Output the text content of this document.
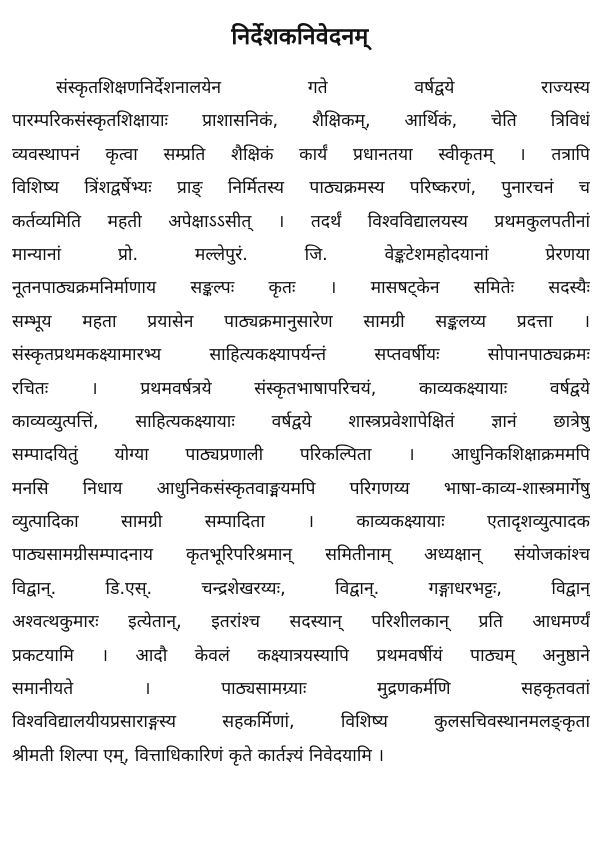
निर्देशकनिवेदनम्
संस्कृतशिक्षणनिर्देशनालयेन गते वर्षद्वये राज्यस्य
पारम्परिकसंस्कृतशिक्षायाः प्राशासनिकं, शैक्षिकम्, आर्थिकं, चेति त्रिविधं
व्यवस्थापनं कृत्वा सम्प्रति शैक्षिकं कार्यं प्रधानतया स्वीकृतम् । तत्रापि
विशिष्य त्रिंशद्वर्षेभ्यः प्राङ् निर्मितस्य पाठ्यक्रमस्य परिष्करणं, पुनारचनं च
कर्तव्यमिति महती अपेक्षाऽऽसीत् । तदर्थं विश्वविद्यालयस्य प्रथमकुलपतीनां
मान्यानां प्रो. मल्लेपुरं. जि. वेङ्कटेशमहोदयानां प्रेरणया
नूतनपाठ्यक्रमनिर्माणाय सङ्कल्पः कृतः । मासषट्केन समितेः सदस्यैः
सम्भूय महता प्रयासेन पाठ्यक्रमानुसारेण सामग्री सङ्कलय्य प्रदत्ता ।
संस्कृतप्रथमकक्ष्यामारभ्य साहित्यकक्ष्यापर्यन्तं सप्तवर्षीयः सोपानपाठ्यक्रमः
रचितः । प्रथमवर्षत्रये संस्कृतभाषापरिचयं, काव्यकक्ष्यायाः वर्षद्वये
काव्यव्युत्पत्तिं, साहित्यकक्ष्यायाः वर्षद्वये शास्त्रप्रवेशापेक्षितं ज्ञानं छात्रेषु
सम्पादयितुं योग्या पाठ्यप्रणाली परिकल्पिता । आधुनिकशिक्षाक्रममपि
मनसि निधाय आधुनिकसंस्कृतवाङ्मयमपि परिगणय्य भाषा-काव्य-शास्त्रमार्गेषु
व्युत्पादिका सामग्री सम्पादिता । काव्यकक्ष्यायाः एतादृशव्युत्पादक
पाठ्यसामग्रीसम्पादनाय कृतभूरिपरिश्रमान् समितीनाम् अध्यक्षान् संयोजकांश्च
विद्वान्. डि.एस्. चन्द्रशेखरय्यः, विद्वान्. गङ्गाधरभट्टः, विद्वान्
अश्वत्थकुमारः इत्येतान्, इतरांश्च सदस्यान् परिशीलकान् प्रति आधमर्ण्यं
प्रकटयामि । आदौ केवलं कक्ष्यात्रयस्यापि प्रथमवर्षीयं पाठ्यम् अनुष्ठाने
समानीयते । पाठ्यसामग्र्याः मुद्रणकर्मणि सहकृतवतां
विश्वविद्यालयीयप्रसाराङ्गस्य सहकर्मिणां, विशिष्य कुलसचिवस्थानमलङ्कृता
श्रीमती शिल्पा एम्, वित्ताधिकारिणं कृते कार्तज्ञ्यं निवेदयामि ।
